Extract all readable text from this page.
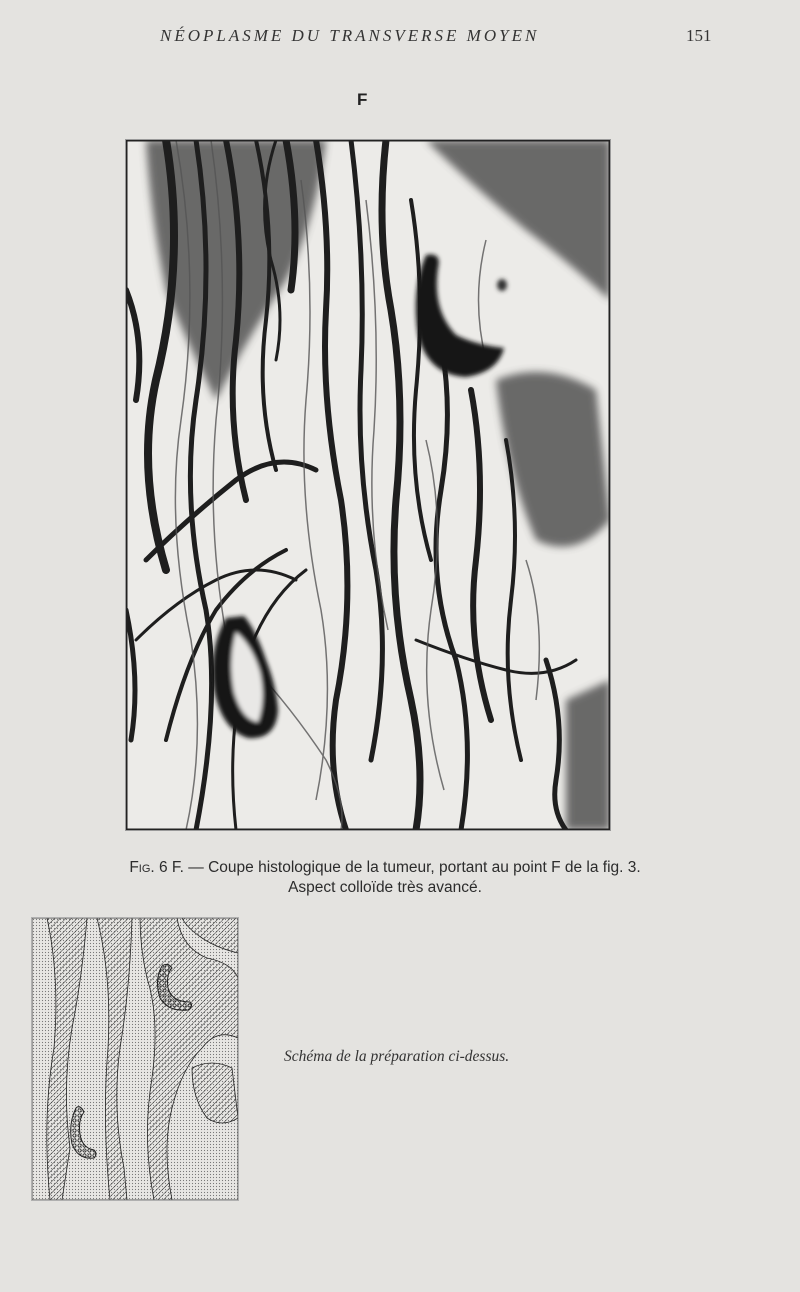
NÉOPLASME DU TRANSVERSE MOYEN	151
F
Fig. 6 F. — Coupe histologique de la tumeur, portant au point F de la fig. 3.
Aspect colloïde très avancé.
Schéma de la préparation ci-dessus.
